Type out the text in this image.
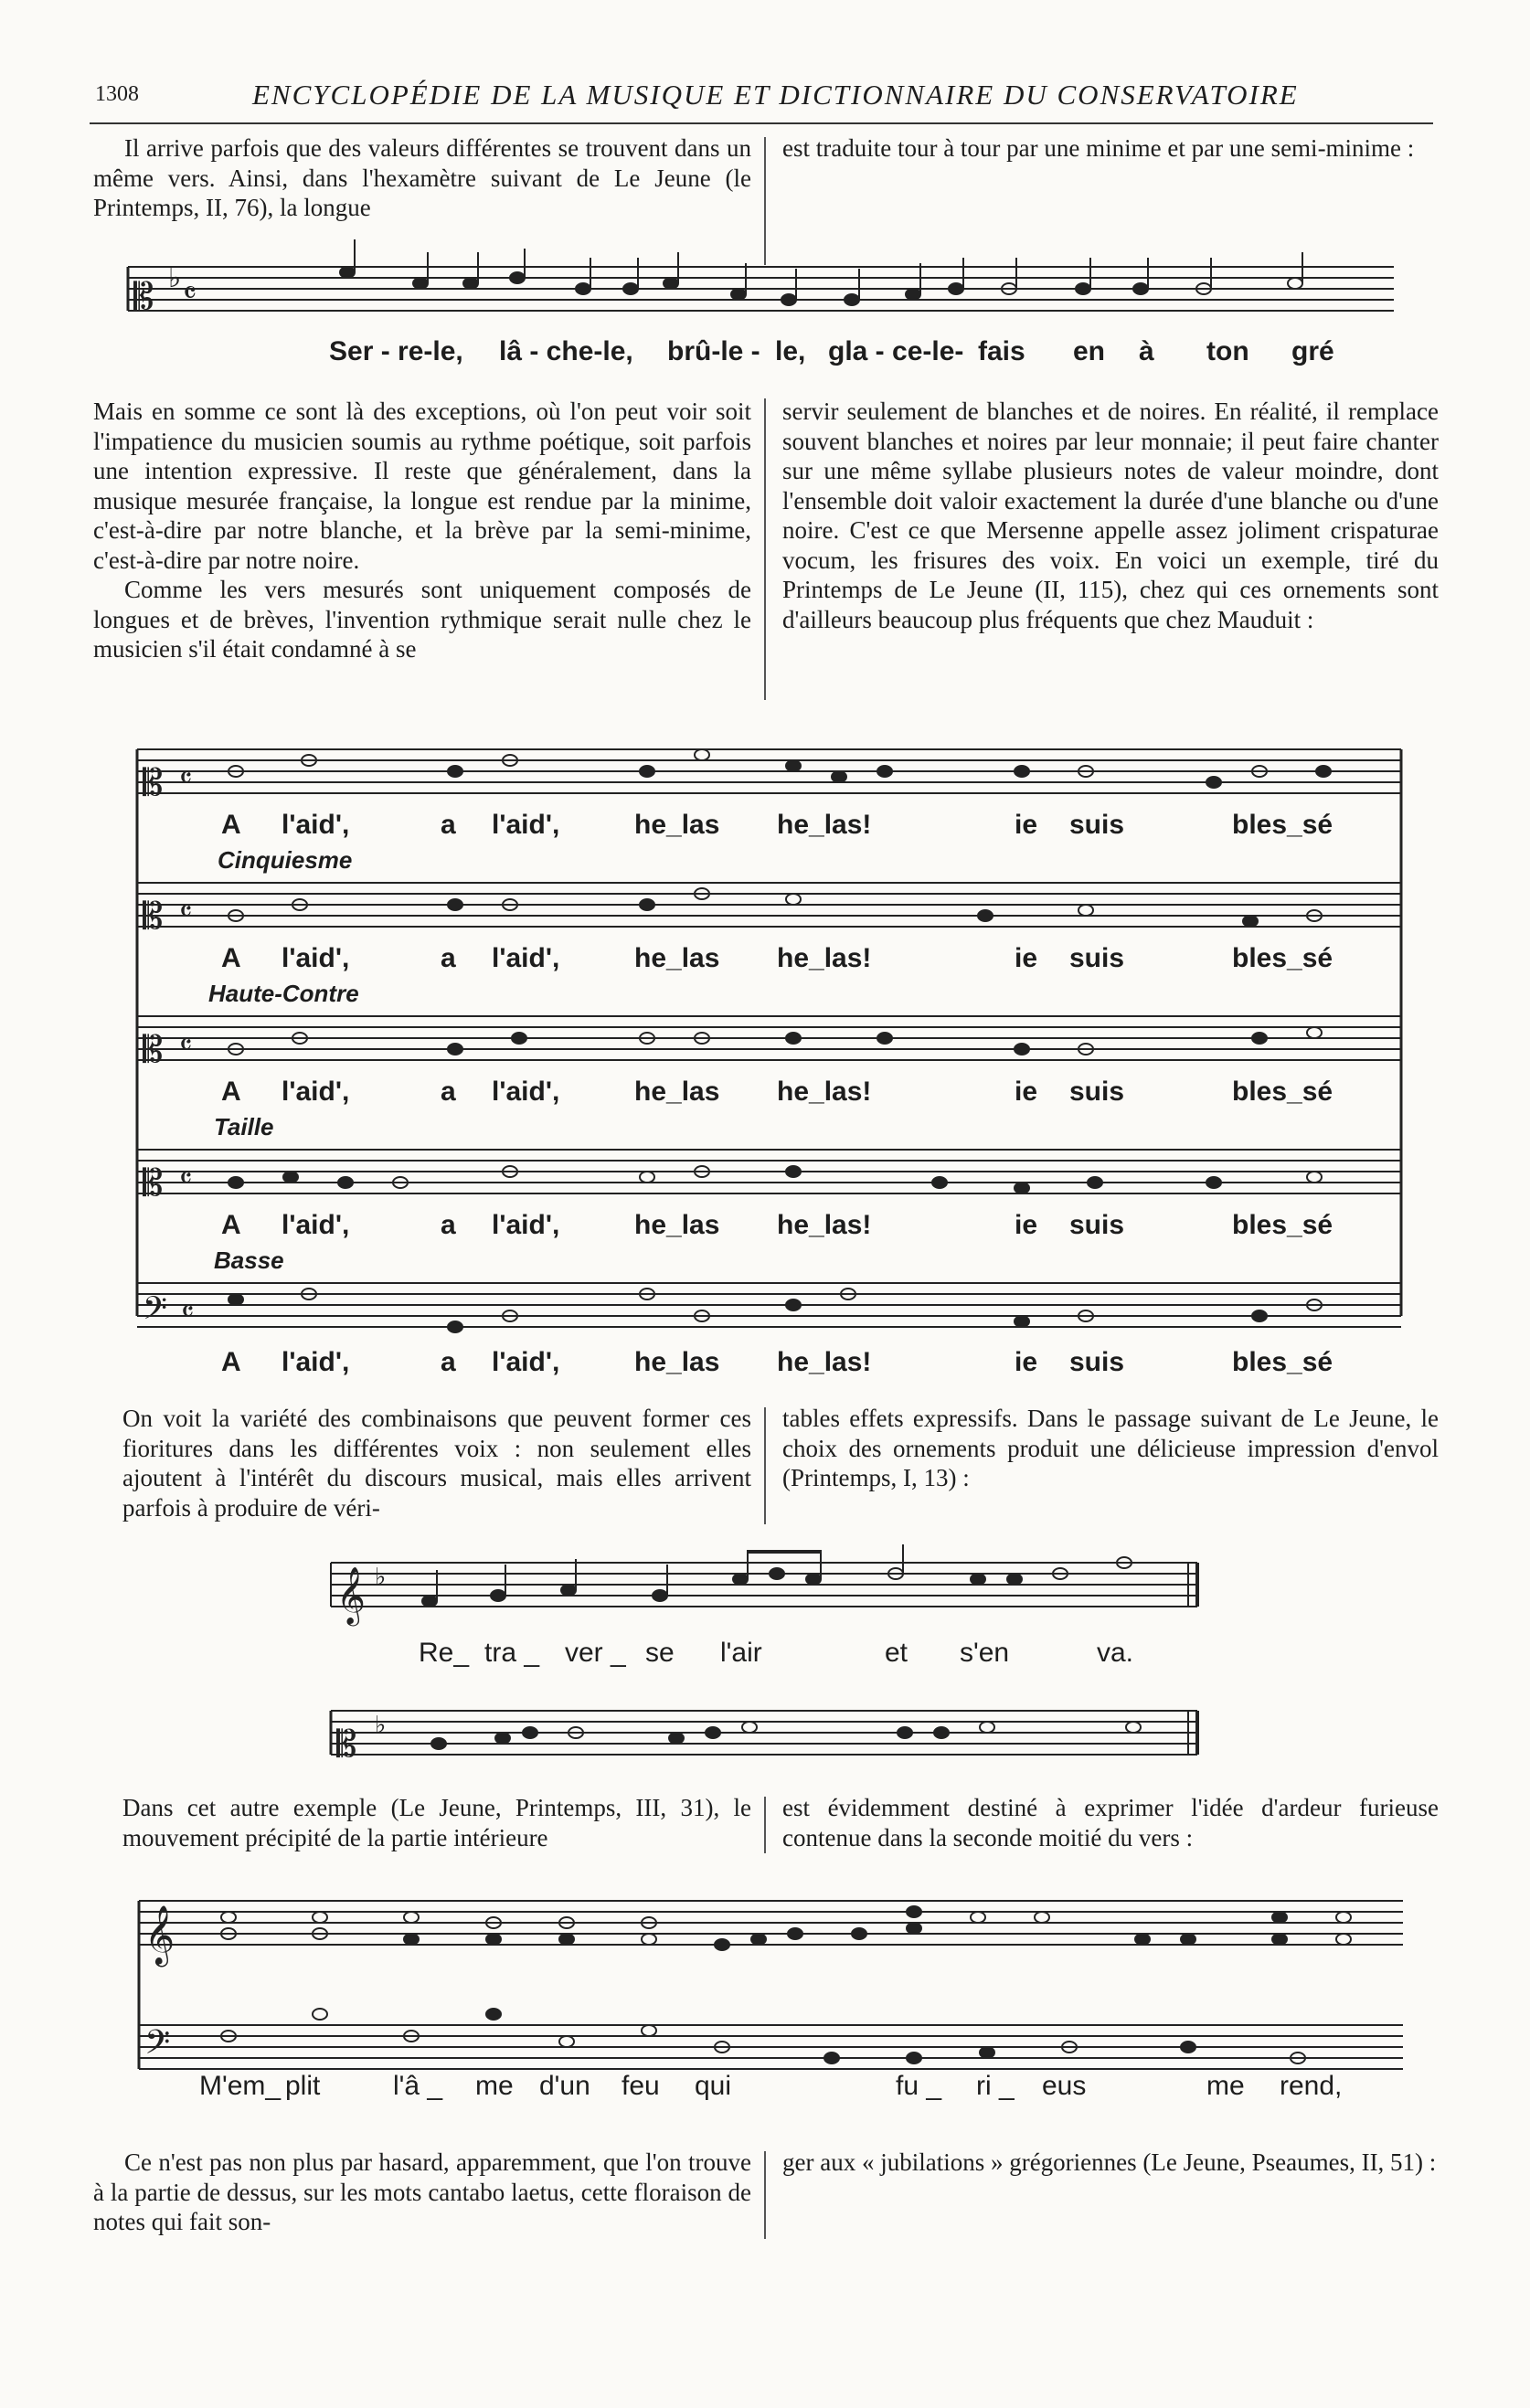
1308	ENCYCLOPÉDIE DE LA MUSIQUE ET DICTIONNAIRE DU CONSERVATOIRE

Il arrive parfois que des valeurs différentes se trouvent dans un même vers. Ainsi, dans l'hexamètre suivant de Le Jeune (le Printemps, II, 76), la longue

est traduite tour à tour par une minime et par une semi-minime :

𝄡 ♭ 𝄴
Ser - re-le, lâ - che-le, brû-le - le, gla - ce-le- fais en à ton gré

Mais en somme ce sont là des exceptions, où l'on peut voir soit l'impatience du musicien soumis au rythme poétique, soit parfois une intention expressive. Il reste que généralement, dans la musique mesurée française, la longue est rendue par la minime, c'est-à-dire par notre blanche, et la brève par la semi-minime, c'est-à-dire par notre noire.

Comme les vers mesurés sont uniquement composés de longues et de brèves, l'invention rythmique serait nulle chez le musicien s'il était condamné à se

servir seulement de blanches et de noires. En réalité, il remplace souvent blanches et noires par leur monnaie; il peut faire chanter sur une même syllabe plusieurs notes de valeur moindre, dont l'ensemble doit valoir exactement la durée d'une blanche ou d'une noire. C'est ce que Mersenne appelle assez joliment crispaturae vocum, les frisures des voix. En voici un exemple, tiré du Printemps de Le Jeune (II, 115), chez qui ces ornements sont d'ailleurs beaucoup plus fréquents que chez Mauduit :

𝄡 𝄴
𝄡 𝄴
𝄡 𝄴
𝄡 𝄴
𝄢 𝄴
Cinquiesme
Haute-Contre
Taille
Basse
A l'aid',	a l'aid',	he_las he_las!	ie suis	bles_sé
A l'aid',	a l'aid',	he_las he_las!	ie suis	bles_sé
A l'aid',	a l'aid',	he_las he_las!	ie suis	bles_sé
A l'aid',	a l'aid',	he_las he_las!	ie suis	bles_sé
A l'aid',	a l'aid',	he_las he_las!	ie suis	bles_sé

On voit la variété des combinaisons que peuvent former ces fioritures dans les différentes voix : non seulement elles ajoutent à l'intérêt du discours musical, mais elles arrivent parfois à produire de véri-

tables effets expressifs. Dans le passage suivant de Le Jeune, le choix des ornements produit une délicieuse impression d'envol (Printemps, I, 13) :

𝄞 ♭
𝄡 ♭
Re_ tra _ ver _ se l'air	et s'en	va.

Dans cet autre exemple (Le Jeune, Printemps, III, 31), le mouvement précipité de la partie intérieure

est évidemment destiné à exprimer l'idée d'ardeur furieuse contenue dans la seconde moitié du vers :

𝄞
𝄢
M'em_ plit	l'â _ me d'un feu qui	fu _ ri _ eus	me rend,

Ce n'est pas non plus par hasard, apparemment, que l'on trouve à la partie de dessus, sur les mots cantabo laetus, cette floraison de notes qui fait son-

ger aux « jubilations » grégoriennes (Le Jeune, Pseaumes, II, 51) :
